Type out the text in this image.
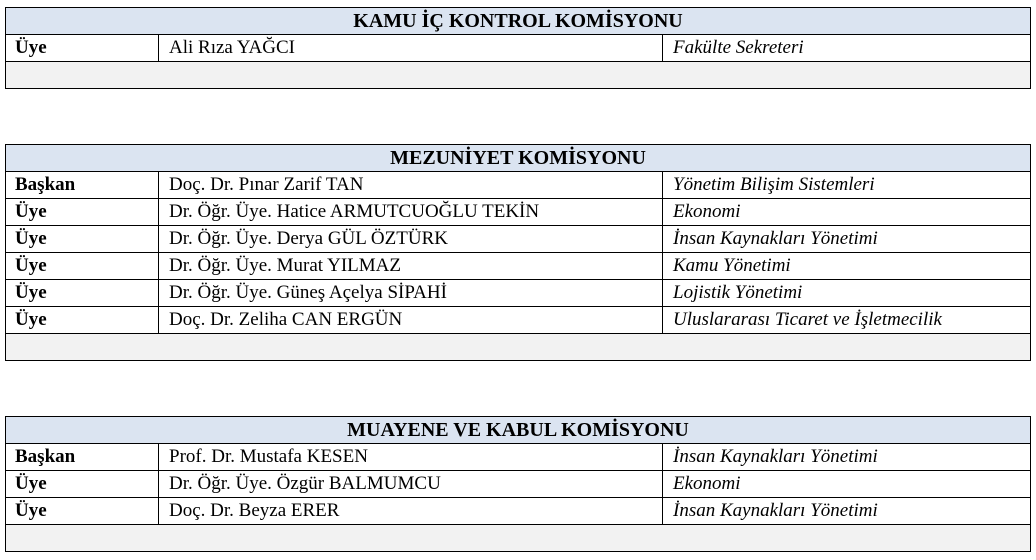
KAMU İÇ KONTROL KOMİSYONU
Üye	Ali Rıza YAĞCI	Fakülte Sekreteri

MEZUNİYET KOMİSYONU		
Başkan	Doç. Dr. Pınar Zarif TAN	Yönetim Bilişim Sistemleri
Üye	Dr. Öğr. Üye. Hatice ARMUTCUOĞLU TEKİN	Ekonomi
Üye	Dr. Öğr. Üye. Derya GÜL ÖZTÜRK	İnsan Kaynakları Yönetimi
Üye	Dr. Öğr. Üye. Murat YILMAZ	Kamu Yönetimi
Üye	Dr. Öğr. Üye. Güneş Açelya SİPAHİ	Lojistik Yönetimi
Üye	Doç. Dr. Zeliha CAN ERGÜN	Uluslararası Ticaret ve İşletmecilik

MUAYENE VE KABUL KOMİSYONU		
Başkan	Prof. Dr. Mustafa KESEN	İnsan Kaynakları Yönetimi
Üye	Dr. Öğr. Üye. Özgür BALMUMCU	Ekonomi
Üye	Doç. Dr. Beyza ERER	İnsan Kaynakları Yönetimi
